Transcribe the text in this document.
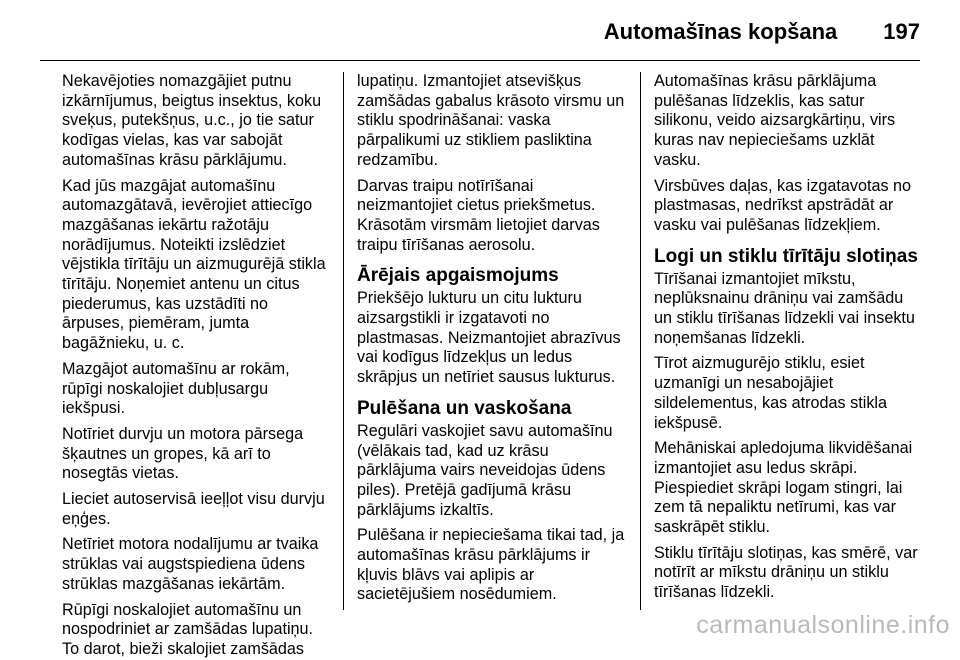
Automašīnas kopšana 197

Nekavējoties nomazgājiet putnu izkārnījumus, beigtus insektus, koku sveķus, putekšņus, u.c., jo tie satur kodīgas vielas, kas var sabojāt automašīnas krāsu pārklājumu.

Kad jūs mazgājat automašīnu automazgātavā, ievērojiet attiecīgo mazgāšanas iekārtu ražotāju norādījumus. Noteikti izslēdziet vējstikla tīrītāju un aizmugurējā stikla tīrītāju. Noņemiet antenu un citus piederumus, kas uzstādīti no ārpuses, piemēram, jumta bagāžnieku, u. c.

Mazgājot automašīnu ar rokām, rūpīgi noskalojiet dubļusargu iekšpusi.

Notīriet durvju un motora pārsega šķautnes un gropes, kā arī to nosegtās vietas.

Lieciet autoservisā ieeļļot visu durvju eņģes.

Netīriet motora nodalījumu ar tvaika strūklas vai augstspiediena ūdens strūklas mazgāšanas iekārtām.

Rūpīgi noskalojiet automašīnu un nospodriniet ar zamšādas lupatiņu. To darot, bieži skalojiet zamšādas

lupatiņu. Izmantojiet atsevišķus zamšādas gabalus krāsoto virsmu un stiklu spodrināšanai: vaska pārpalikumi uz stikliem pasliktina redzamību.

Darvas traipu notīrīšanai neizmantojiet cietus priekšmetus. Krāsotām virsmām lietojiet darvas traipu tīrīšanas aerosolu.

Ārējais apgaismojums

Priekšējo lukturu un citu lukturu aizsargstikli ir izgatavoti no plastmasas. Neizmantojiet abrazīvus vai kodīgus līdzekļus un ledus skrāpjus un netīriet sausus lukturus.

Pulēšana un vaskošana

Regulāri vaskojiet savu automašīnu (vēlākais tad, kad uz krāsu pārklājuma vairs neveidojas ūdens piles). Pretējā gadījumā krāsu pārklājums izkaltīs.

Pulēšana ir nepieciešama tikai tad, ja automašīnas krāsu pārklājums ir kļuvis blāvs vai aplipis ar sacietējušiem nosēdumiem.

Automašīnas krāsu pārklājuma pulēšanas līdzeklis, kas satur silikonu, veido aizsargkārtiņu, virs kuras nav nepieciešams uzklāt vasku.

Virsbūves daļas, kas izgatavotas no plastmasas, nedrīkst apstrādāt ar vasku vai pulēšanas līdzekļiem.

Logi un stiklu tīrītāju slotiņas

Tīrīšanai izmantojiet mīkstu, neplūksnainu drāniņu vai zamšādu un stiklu tīrīšanas līdzekli vai insektu noņemšanas līdzekli.

Tīrot aizmugurējo stiklu, esiet uzmanīgi un nesabojājiet sildelementus, kas atrodas stikla iekšpusē.

Mehāniskai apledojuma likvidēšanai izmantojiet asu ledus skrāpi. Piespiediet skrāpi logam stingri, lai zem tā nepaliktu netīrumi, kas var saskrāpēt stiklu.

Stiklu tīrītāju slotiņas, kas smērē, var notīrīt ar mīkstu drāniņu un stiklu tīrīšanas līdzekli.

carmanualsonline.info
